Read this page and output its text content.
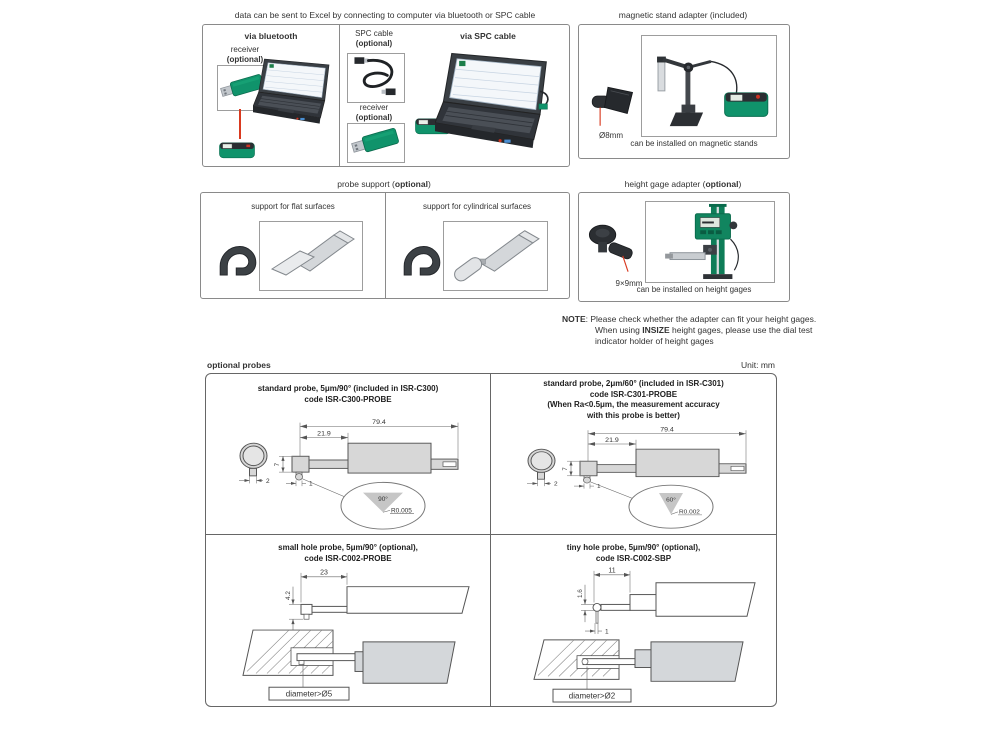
data can be sent to Excel by connecting to computer via bluetooth or SPC cable
via bluetooth
receiver
(optional)
SPC cable
(optional)
receiver
(optional)
via SPC cable
magnetic stand adapter (included)
Ø8mm
can be installed on magnetic stands
probe support (optional)
support for flat surfaces	support for cylindrical surfaces
height gage adapter (optional)
9×9mm
can be installed on height gages
NOTE: Please check whether the adapter can fit your height gages.
When using INSIZE height gages, please use the dial test
indicator holder of height gages
optional probes	Unit: mm
standard probe, 5μm/90° (included in ISR-C300)
code ISR-C300-PROBE
2
79.4
21.9
7
1
90°
R0.005
standard probe, 2μm/60° (included in ISR-C301)
code ISR-C301-PROBE
(When Ra<0.5μm, the measurement accuracy
with this probe is better)
2
79.4
21.9
7
1
60°
R0.002
small hole probe, 5μm/90° (optional),
code ISR-C002-PROBE
23
4.2
diameter>Ø5
tiny hole probe, 5μm/90° (optional),
code ISR-C002-SBP
11
1.6
1
diameter>Ø2
